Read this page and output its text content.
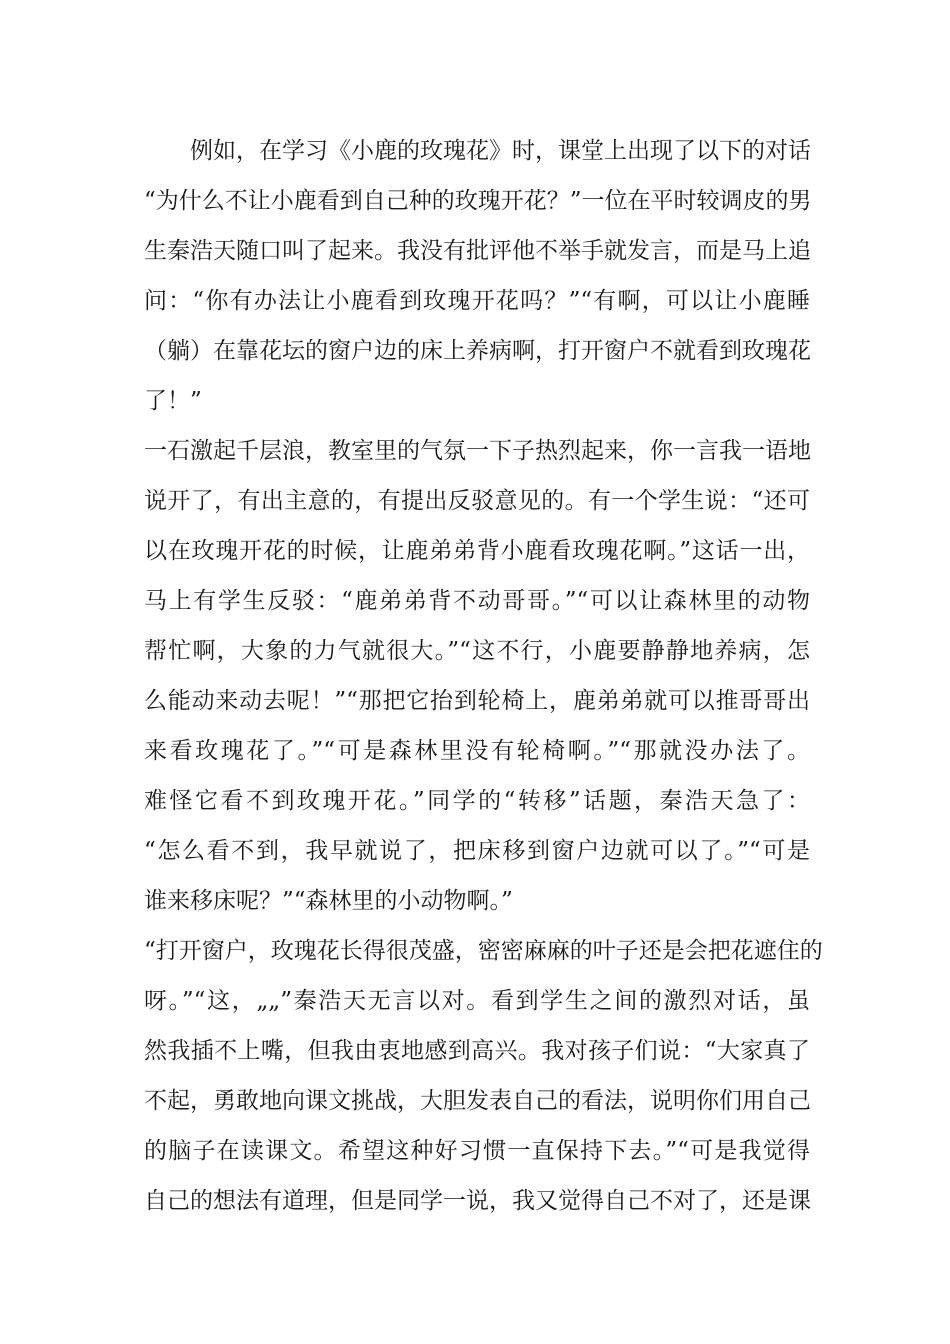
例如，在学习《小鹿的玫瑰花》时，课堂上出现了以下的对话
“为什么不让小鹿看到自己种的玫瑰开花？”一位在平时较调皮的男
生秦浩天随口叫了起来。我没有批评他不举手就发言，而是马上追
问：“你有办法让小鹿看到玫瑰开花吗？”“有啊，可以让小鹿睡
（躺）在靠花坛的窗户边的床上养病啊，打开窗户不就看到玫瑰花
了！”
一石激起千层浪，教室里的气氛一下子热烈起来，你一言我一语地
说开了，有出主意的，有提出反驳意见的。有一个学生说：“还可
以在玫瑰开花的时候，让鹿弟弟背小鹿看玫瑰花啊。”这话一出，
马上有学生反驳：“鹿弟弟背不动哥哥。”“可以让森林里的动物
帮忙啊，大象的力气就很大。”“这不行，小鹿要静静地养病，怎
么能动来动去呢！”“那把它抬到轮椅上，鹿弟弟就可以推哥哥出
来看玫瑰花了。”“可是森林里没有轮椅啊。”“那就没办法了。
难怪它看不到玫瑰开花。”同学的“转移”话题，秦浩天急了：
“怎么看不到，我早就说了，把床移到窗户边就可以了。”“可是
谁来移床呢？”“森林里的小动物啊。”
“打开窗户，玫瑰花长得很茂盛，密密麻麻的叶子还是会把花遮住的
呀。”“这，„„”秦浩天无言以对。看到学生之间的激烈对话，虽
然我插不上嘴，但我由衷地感到高兴。我对孩子们说：“大家真了
不起，勇敢地向课文挑战，大胆发表自己的看法，说明你们用自己
的脑子在读课文。希望这种好习惯一直保持下去。”“可是我觉得
自己的想法有道理，但是同学一说，我又觉得自己不对了，还是课
